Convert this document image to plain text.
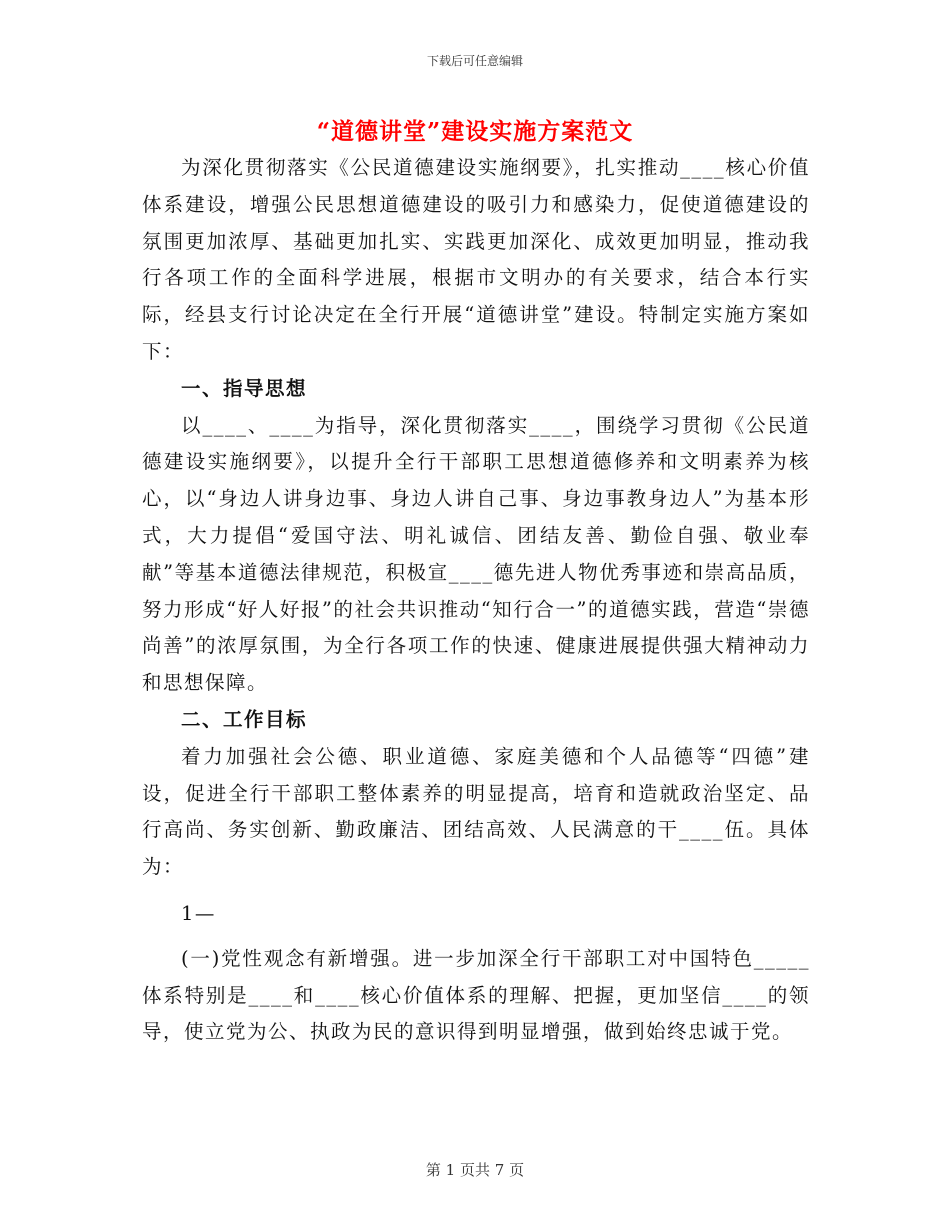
下载后可任意编辑
“道德讲堂”建设实施方案范文

为深化贯彻落实《公民道德建设实施纲要》，扎实推动____核心价值体系建设，增强公民思想道德建设的吸引力和感染力，促使道德建设的氛围更加浓厚、基础更加扎实、实践更加深化、成效更加明显，推动我行各项工作的全面科学进展，根据市文明办的有关要求，结合本行实际，经县支行讨论决定在全行开展“道德讲堂”建设。特制定实施方案如下：

一、指导思想

以____、____为指导，深化贯彻落实____，围绕学习贯彻《公民道德建设实施纲要》，以提升全行干部职工思想道德修养和文明素养为核心，以“身边人讲身边事、身边人讲自己事、身边事教身边人”为基本形式，大力提倡“爱国守法、明礼诚信、团结友善、勤俭自强、敬业奉献”等基本道德法律规范，积极宣____德先进人物优秀事迹和崇高品质，努力形成“好人好报”的社会共识推动“知行合一”的道德实践，营造“崇德尚善”的浓厚氛围，为全行各项工作的快速、健康进展提供强大精神动力和思想保障。

二、工作目标

着力加强社会公德、职业道德、家庭美德和个人品德等“四德”建设，促进全行干部职工整体素养的明显提高，培育和造就政治坚定、品行高尚、务实创新、勤政廉洁、团结高效、人民满意的干____伍。具体为：

1—

(一)党性观念有新增强。进一步加深全行干部职工对中国特色_____体系特别是____和____核心价值体系的理解、把握，更加坚信____的领导，使立党为公、执政为民的意识得到明显增强，做到始终忠诚于党。

第 1 页共 7 页
